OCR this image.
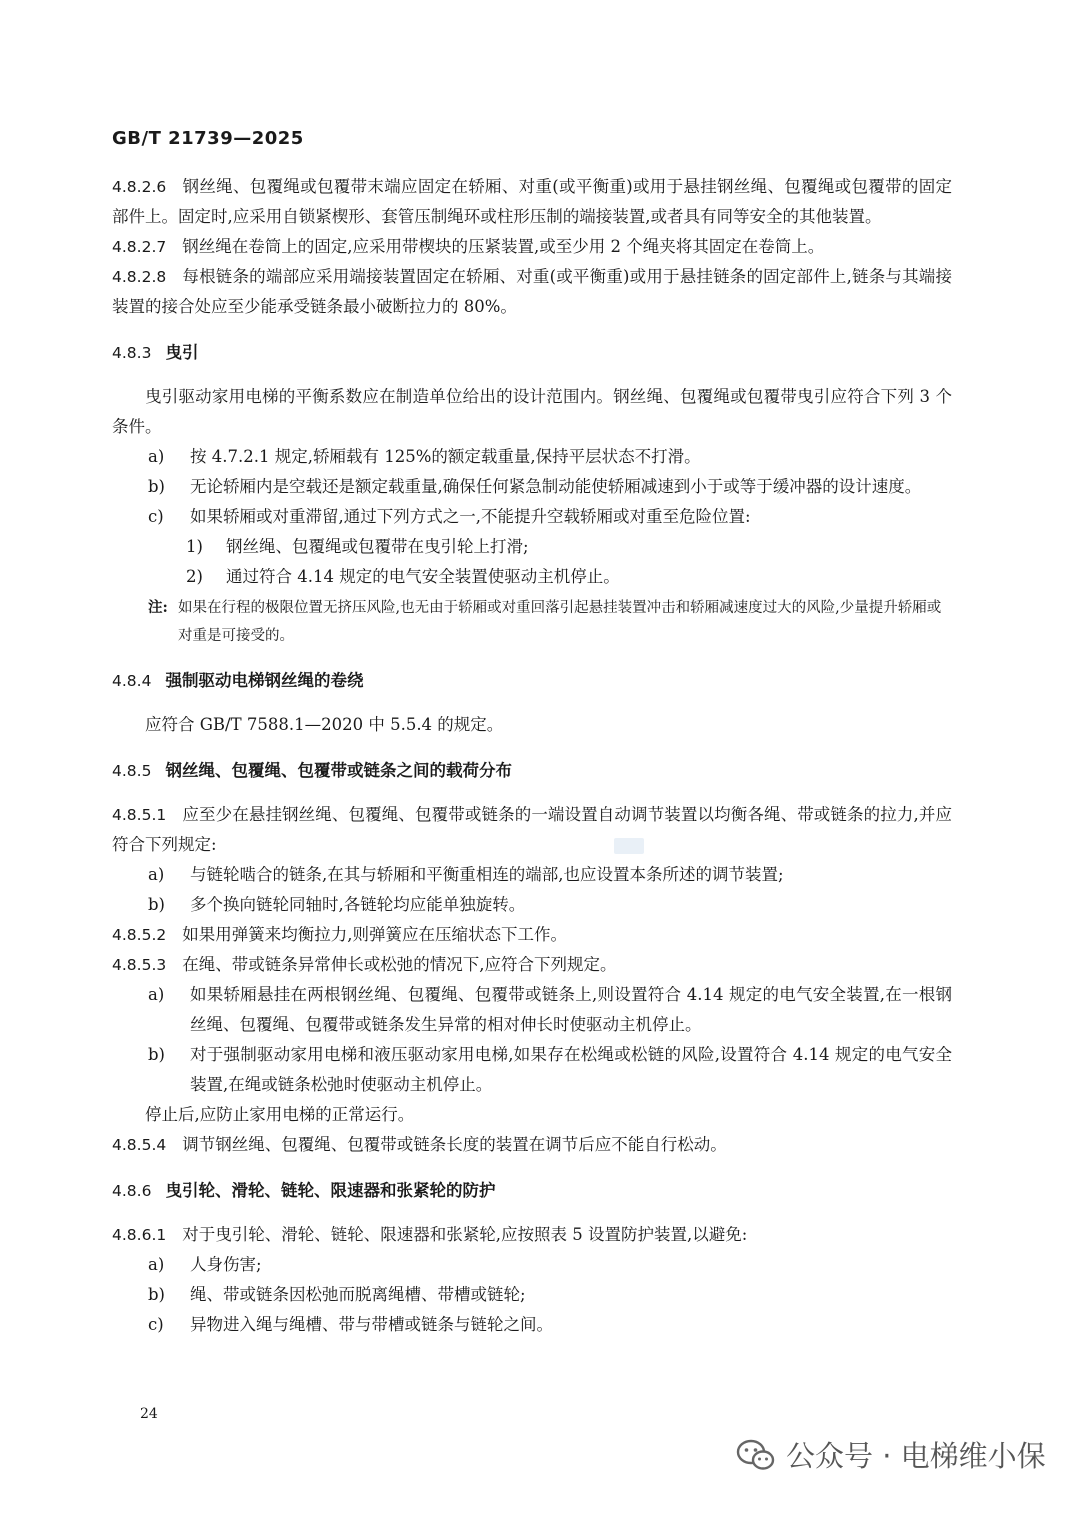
GB/T 21739—2025

4.8.2.6 钢丝绳、包覆绳或包覆带末端应固定在轿厢、对重(或平衡重)或用于悬挂钢丝绳、包覆绳或包覆带的固定部件上。固定时,应采用自锁紧楔形、套管压制绳环或柱形压制的端接装置,或者具有同等安全的其他装置。

4.8.2.7 钢丝绳在卷筒上的固定,应采用带楔块的压紧装置,或至少用 2 个绳夹将其固定在卷筒上。

4.8.2.8 每根链条的端部应采用端接装置固定在轿厢、对重(或平衡重)或用于悬挂链条的固定部件上,链条与其端接装置的接合处应至少能承受链条最小破断拉力的 80%。

4.8.3 曳引

曳引驱动家用电梯的平衡系数应在制造单位给出的设计范围内。钢丝绳、包覆绳或包覆带曳引应符合下列 3 个条件。

a)	按 4.7.2.1 规定,轿厢载有 125%的额定载重量,保持平层状态不打滑。
b)	无论轿厢内是空载还是额定载重量,确保任何紧急制动能使轿厢减速到小于或等于缓冲器的设计速度。
c)	如果轿厢或对重滞留,通过下列方式之一,不能提升空载轿厢或对重至危险位置:
1)	钢丝绳、包覆绳或包覆带在曳引轮上打滑;
2)	通过符合 4.14 规定的电气安全装置使驱动主机停止。
注: 如果在行程的极限位置无挤压风险,也无由于轿厢或对重回落引起悬挂装置冲击和轿厢减速度过大的风险,少量提升轿厢或对重是可接受的。
4.8.4 强制驱动电梯钢丝绳的卷绕

应符合 GB/T 7588.1—2020 中 5.5.4 的规定。

4.8.5 钢丝绳、包覆绳、包覆带或链条之间的载荷分布

4.8.5.1 应至少在悬挂钢丝绳、包覆绳、包覆带或链条的一端设置自动调节装置以均衡各绳、带或链条的拉力,并应符合下列规定:

a)	与链轮啮合的链条,在其与轿厢和平衡重相连的端部,也应设置本条所述的调节装置;
b)	多个换向链轮同轴时,各链轮均应能单独旋转。

4.8.5.2 如果用弹簧来均衡拉力,则弹簧应在压缩状态下工作。

4.8.5.3 在绳、带或链条异常伸长或松弛的情况下,应符合下列规定。

a)	如果轿厢悬挂在两根钢丝绳、包覆绳、包覆带或链条上,则设置符合 4.14 规定的电气安全装置,在一根钢丝绳、包覆绳、包覆带或链条发生异常的相对伸长时使驱动主机停止。
b)	对于强制驱动家用电梯和液压驱动家用电梯,如果存在松绳或松链的风险,设置符合 4.14 规定的电气安全装置,在绳或链条松弛时使驱动主机停止。

停止后,应防止家用电梯的正常运行。

4.8.5.4 调节钢丝绳、包覆绳、包覆带或链条长度的装置在调节后应不能自行松动。

4.8.6 曳引轮、滑轮、链轮、限速器和张紧轮的防护

4.8.6.1 对于曳引轮、滑轮、链轮、限速器和张紧轮,应按照表 5 设置防护装置,以避免:

a)	人身伤害;
b)	绳、带或链条因松弛而脱离绳槽、带槽或链轮;
c)	异物进入绳与绳槽、带与带槽或链条与链轮之间。
24
公众号 · 电梯维小保
